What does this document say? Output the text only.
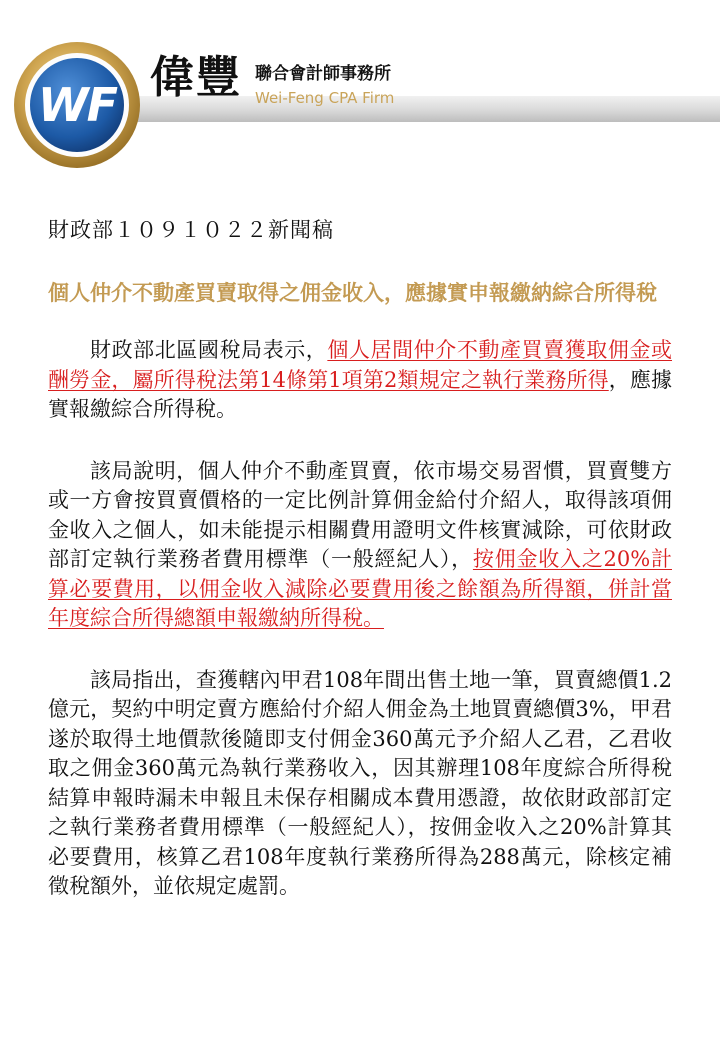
WF
偉豐 聯合會計師事務所
Wei-Feng CPA Firm
財政部１０９１０２２新聞稿
個人仲介不動產買賣取得之佣金收入，應據實申報繳納綜合所得稅

財政部北區國稅局表示，個人居間仲介不動產買賣獲取佣金或酬勞金，屬所得稅法第14條第1項第2類規定之執行業務所得，應據實報繳綜合所得稅。

該局說明，個人仲介不動產買賣，依市場交易習慣，買賣雙方或一方會按買賣價格的一定比例計算佣金給付介紹人，取得該項佣金收入之個人，如未能提示相關費用證明文件核實減除，可依財政部訂定執行業務者費用標準（一般經紀人），按佣金收入之20%計算必要費用，以佣金收入減除必要費用後之餘額為所得額，併計當年度綜合所得總額申報繳納所得稅。

該局指出，查獲轄內甲君108年間出售土地一筆，買賣總價1.2億元，契約中明定賣方應給付介紹人佣金為土地買賣總價3%，甲君遂於取得土地價款後隨即支付佣金360萬元予介紹人乙君，乙君收取之佣金360萬元為執行業務收入，因其辦理108年度綜合所得稅結算申報時漏未申報且未保存相關成本費用憑證，故依財政部訂定之執行業務者費用標準（一般經紀人），按佣金收入之20%計算其必要費用，核算乙君108年度執行業務所得為288萬元，除核定補徵稅額外，並依規定處罰。
